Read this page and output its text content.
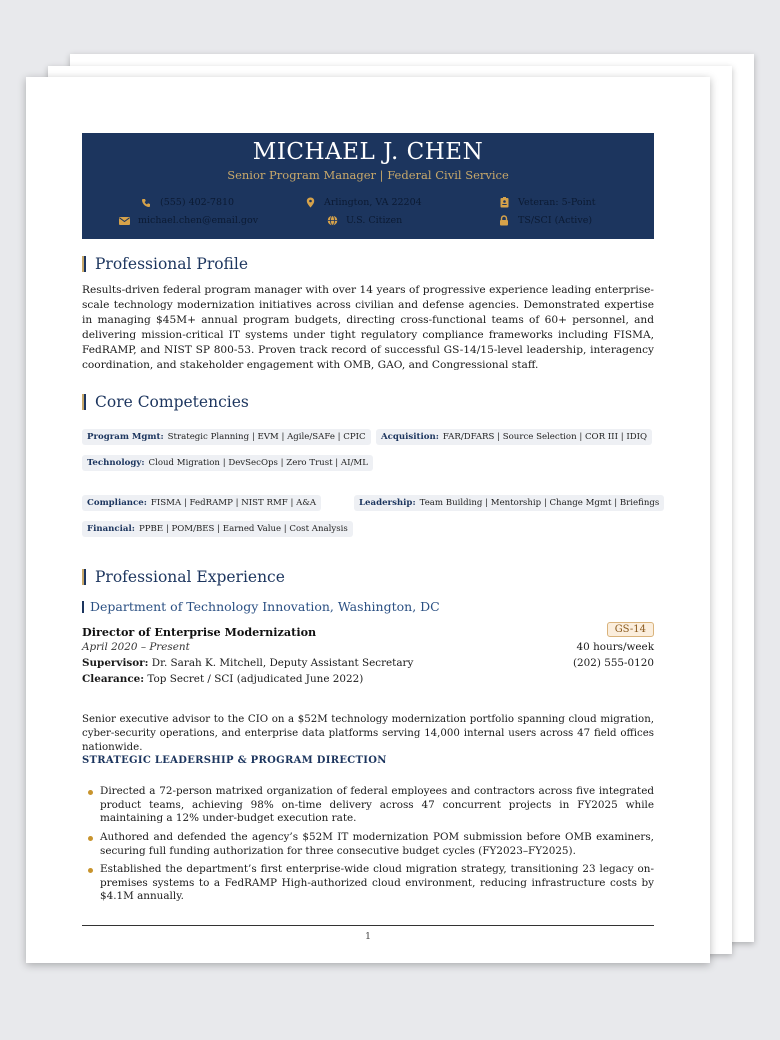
MICHAEL J. CHEN
Senior Program Manager | Federal Civil Service
(555) 402-7810	Arlington, VA 22204	Veteran: 5-Point
michael.chen@email.gov	U.S. Citizen	TS/SCI (Active)
Professional Profile
Results-driven federal program manager with over 14 years of progressive experience leading enterprise-scale technology modernization initiatives across civilian and defense agencies. Demonstrated expertise in managing $45M+ annual program budgets, directing cross-functional teams of 60+ personnel, and delivering mission-critical IT systems under tight regulatory compliance frameworks including FISMA, FedRAMP, and NIST SP 800-53. Proven track record of successful GS-14/15-level leadership, interagency coordination, and stakeholder engagement with OMB, GAO, and Congressional staff.
Core Competencies
Program Mgmt: Strategic Planning | EVM | Agile/SAFe | CPIC	Acquisition: FAR/DFARS | Source Selection | COR III | IDIQ
Technology: Cloud Migration | DevSecOps | Zero Trust | AI/ML
Compliance: FISMA | FedRAMP | NIST RMF | A&A	Leadership: Team Building | Mentorship | Change Mgmt | Briefings
Financial: PPBE | POM/BES | Earned Value | Cost Analysis
Professional Experience
Department of Technology Innovation, Washington, DC
Director of Enterprise Modernization	GS-14
April 2020 – Present	40 hours/week
Supervisor: Dr. Sarah K. Mitchell, Deputy Assistant Secretary	(202) 555-0120
Clearance: Top Secret / SCI (adjudicated June 2022)
Senior executive advisor to the CIO on a $52M technology modernization portfolio spanning cloud migration, cyber-security operations, and enterprise data platforms serving 14,000 internal users across 47 field offices nationwide.
STRATEGIC LEADERSHIP & PROGRAM DIRECTION
Directed a 72-person matrixed organization of federal employees and contractors across five integrated product teams, achieving 98% on-time delivery across 47 concurrent projects in FY2025 while maintaining a 12% under-budget execution rate.
Authored and defended the agency’s $52M IT modernization POM submission before OMB examiners, securing full funding authorization for three consecutive budget cycles (FY2023–FY2025).
Established the department’s first enterprise-wide cloud migration strategy, transitioning 23 legacy on-premises systems to a FedRAMP High-authorized cloud environment, reducing infrastructure costs by $4.1M annually.
1
